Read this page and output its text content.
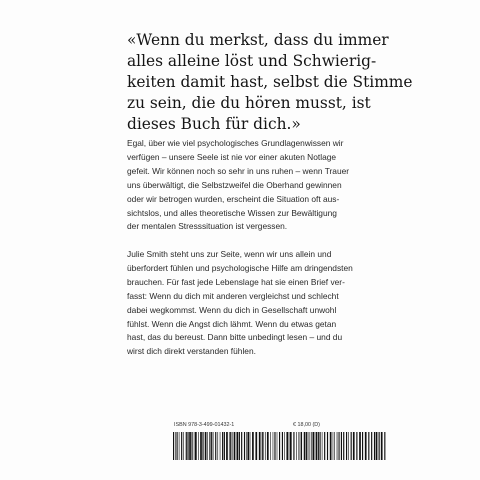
«Wenn du merkst, dass du immer
alles alleine löst und Schwierig-
keiten damit hast, selbst die Stimme
zu sein, die du hören musst, ist
dieses Buch für dich.»

Egal, über wie viel psychologisches Grundlagenwissen wir
verfügen – unsere Seele ist nie vor einer akuten Notlage
gefeit. Wir können noch so sehr in uns ruhen – wenn Trauer
uns überwältigt, die Selbstzweifel die Oberhand gewinnen
oder wir betrogen wurden, erscheint die Situation oft aus-
sichtslos, und alles theoretische Wissen zur Bewältigung
der mentalen Stresssituation ist vergessen.

Julie Smith steht uns zur Seite, wenn wir uns allein und
überfordert fühlen und psychologische Hilfe am dringendsten
brauchen. Für fast jede Lebenslage hat sie einen Brief ver-
fasst: Wenn du dich mit anderen vergleichst und schlecht
dabei wegkommst. Wenn du dich in Gesellschaft unwohl
fühlst. Wenn die Angst dich lähmt. Wenn du etwas getan
hast, das du bereust. Dann bitte unbedingt lesen – und du
wirst dich direkt verstanden fühlen.

ISBN 978-3-499-01432-1	€ 18,00 (D)
